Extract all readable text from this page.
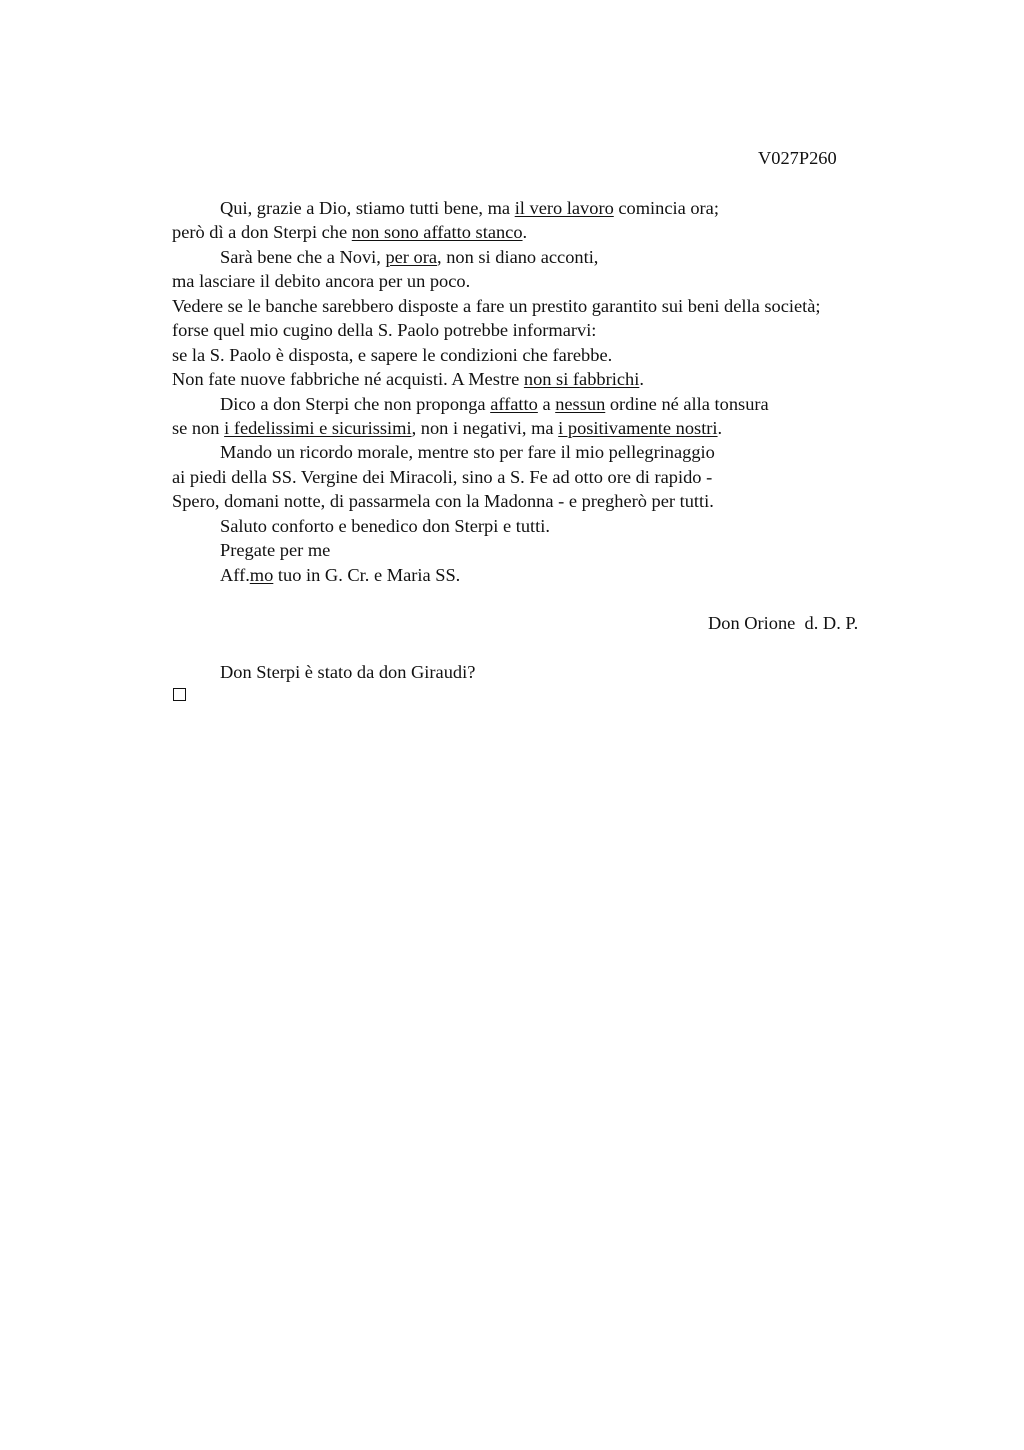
V027P260
Qui, grazie a Dio, stiamo tutti bene, ma il vero lavoro comincia ora;
però dì a don Sterpi che non sono affatto stanco.
Sarà bene che a Novi, per ora, non si diano acconti,
ma lasciare il debito ancora per un poco.
Vedere se le banche sarebbero disposte a fare un prestito garantito sui beni della società;
forse quel mio cugino della S. Paolo potrebbe informarvi:
se la S. Paolo è disposta, e sapere le condizioni che farebbe.
Non fate nuove fabbriche né acquisti. A Mestre non si fabbrichi.
Dico a don Sterpi che non proponga affatto a nessun ordine né alla tonsura
se non i fedelissimi e sicurissimi, non i negativi, ma i positivamente nostri.
Mando un ricordo morale, mentre sto per fare il mio pellegrinaggio
ai piedi della SS. Vergine dei Miracoli, sino a S. Fe ad otto ore di rapido -
Spero, domani notte, di passarmela con la Madonna - e pregherò per tutti.
Saluto conforto e benedico don Sterpi e tutti.
Pregate per me
Aff.mo tuo in G. Cr. e Maria SS.
Don Orione  d. D. P.
Don Sterpi è stato da don Giraudi?
